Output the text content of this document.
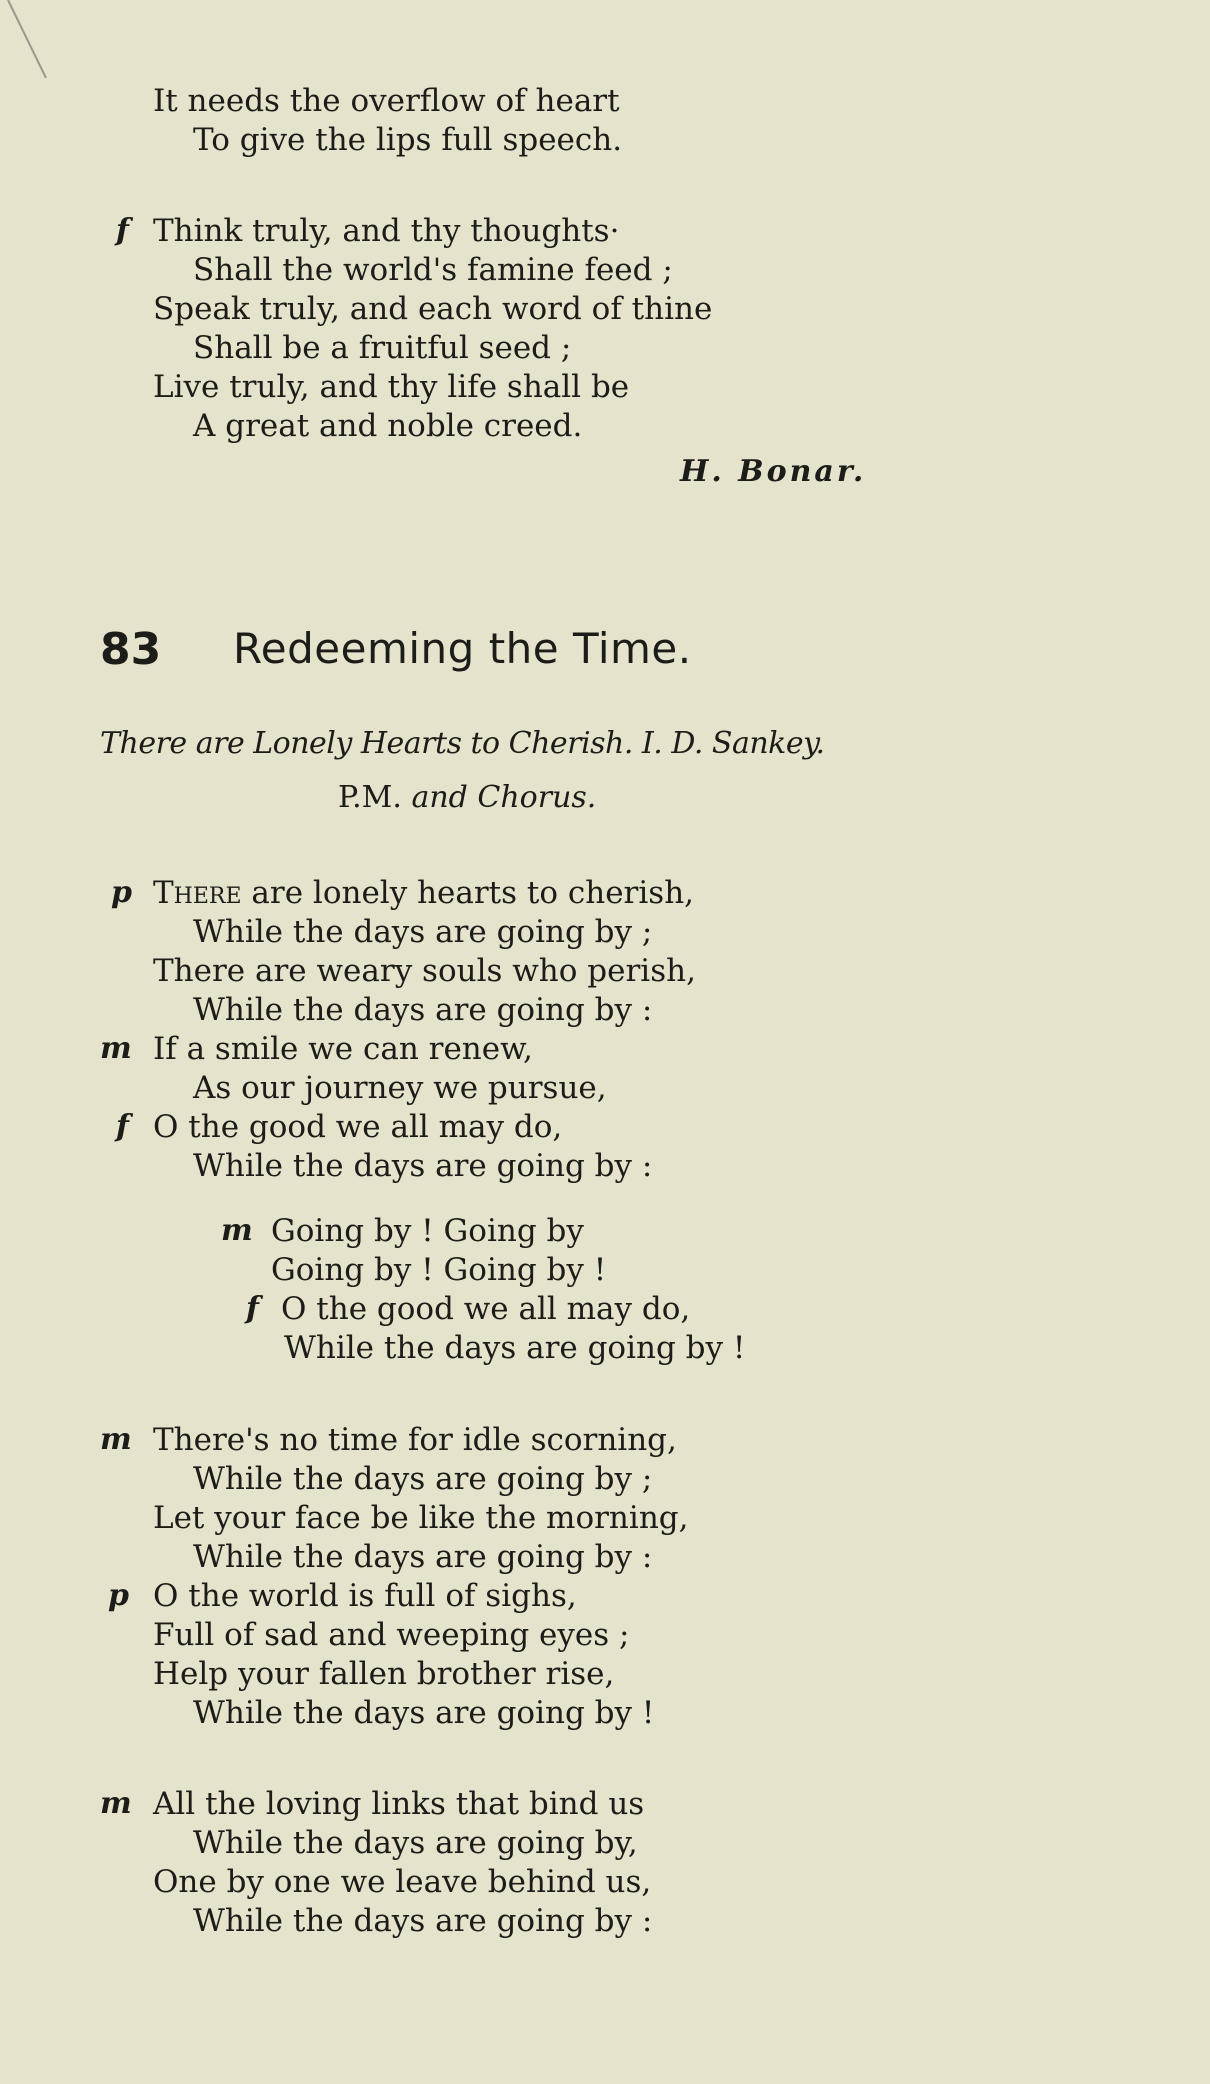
It needs the overflow of heart
To give the lips full speech.
f Think truly, and thy thoughts·
Shall the world's famine feed ;
Speak truly, and each word of thine
Shall be a fruitful seed ;
Live truly, and thy life shall be
A great and noble creed.
H. Bonar.
83 Redeeming the Time.
There are Lonely Hearts to Cherish. I. D. Sankey.
P.M. and Chorus.
p There are lonely hearts to cherish,
While the days are going by ;
There are weary souls who perish,
While the days are going by :
m If a smile we can renew,
As our journey we pursue,
f O the good we all may do,
While the days are going by :
m Going by ! Going by
Going by ! Going by !
f O the good we all may do,
While the days are going by !
m There's no time for idle scorning,
While the days are going by ;
Let your face be like the morning,
While the days are going by :
p O the world is full of sighs,
Full of sad and weeping eyes ;
Help your fallen brother rise,
While the days are going by !
m All the loving links that bind us
While the days are going by,
One by one we leave behind us,
While the days are going by :
